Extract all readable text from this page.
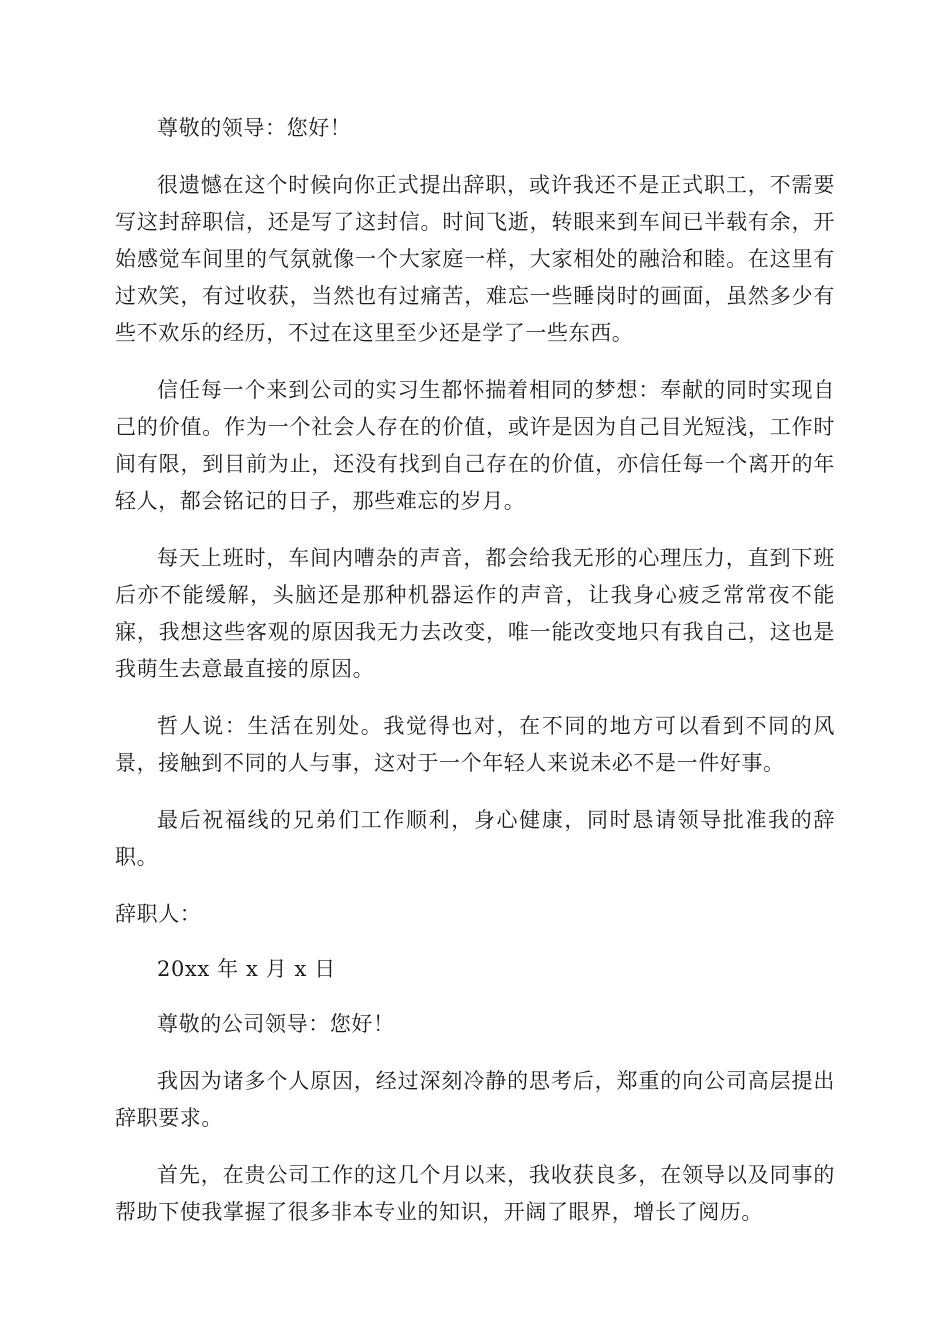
尊敬的领导：您好！

很遗憾在这个时候向你正式提出辞职，或许我还不是正式职工，不需要写这封辞职信，还是写了这封信。时间飞逝，转眼来到车间已半载有余，开始感觉车间里的气氛就像一个大家庭一样，大家相处的融洽和睦。在这里有过欢笑，有过收获，当然也有过痛苦，难忘一些睡岗时的画面，虽然多少有些不欢乐的经历，不过在这里至少还是学了一些东西。

信任每一个来到公司的实习生都怀揣着相同的梦想：奉献的同时实现自己的价值。作为一个社会人存在的价值，或许是因为自己目光短浅，工作时间有限，到目前为止，还没有找到自己存在的价值，亦信任每一个离开的年轻人，都会铭记的日子，那些难忘的岁月。

每天上班时，车间内嘈杂的声音，都会给我无形的心理压力，直到下班后亦不能缓解，头脑还是那种机器运作的声音，让我身心疲乏常常夜不能寐，我想这些客观的原因我无力去改变，唯一能改变地只有我自己，这也是我萌生去意最直接的原因。

哲人说：生活在别处。我觉得也对，在不同的地方可以看到不同的风景，接触到不同的人与事，这对于一个年轻人来说未必不是一件好事。

最后祝福线的兄弟们工作顺利，身心健康，同时恳请领导批准我的辞职。

辞职人：

20xx 年 x 月 x 日

尊敬的公司领导：您好！

我因为诸多个人原因，经过深刻冷静的思考后，郑重的向公司高层提出辞职要求。

首先，在贵公司工作的这几个月以来，我收获良多，在领导以及同事的帮助下使我掌握了很多非本专业的知识，开阔了眼界，增长了阅历。
